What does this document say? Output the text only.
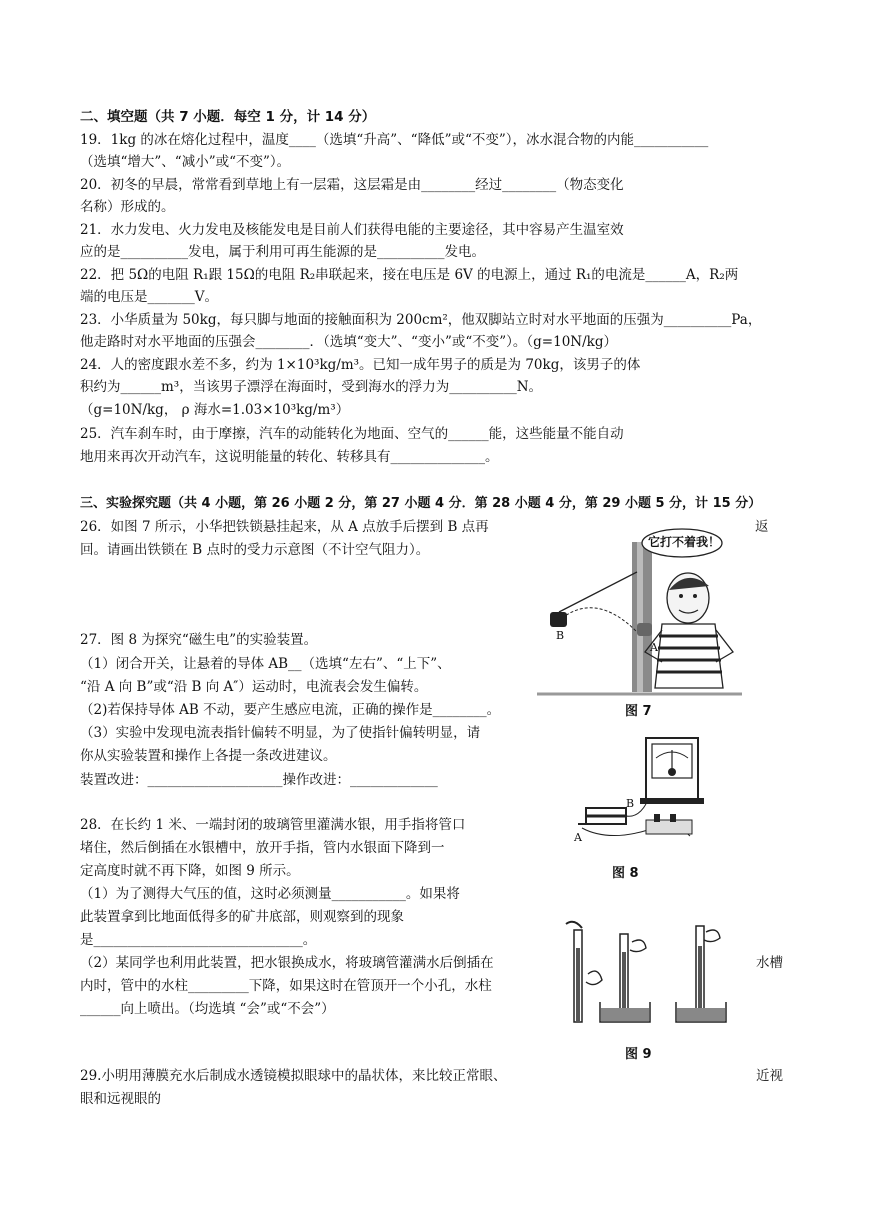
二、填空题（共 7 小题．每空 1 分，计 14 分）
19．1kg 的冰在熔化过程中，温度____（选填“升高”、“降低”或“不变”），冰水混合物的内能___________
（选填“增大”、“减小”或“不变”）。
20．初冬的早晨，常常看到草地上有一层霜，这层霜是由________经过________（物态变化
名称）形成的。
21．水力发电、火力发电及核能发电是目前人们获得电能的主要途径，其中容易产生温室效
应的是__________发电，属于利用可再生能源的是__________发电。
22．把 5Ω的电阻 R₁跟 15Ω的电阻 R₂串联起来，接在电压是 6V 的电源上，通过 R₁的电流是______A，R₂两
端的电压是_______V。
23．小华质量为 50kg，每只脚与地面的接触面积为 200cm²，他双脚站立时对水平地面的压强为__________Pa，
他走路时对水平地面的压强会________．（选填“变大”、“变小”或“不变”）。（g=10N/kg）
24．人的密度跟水差不多，约为 1×10³kg/m³。已知一成年男子的质是为 70kg，该男子的体
积约为______m³，当该男子漂浮在海面时，受到海水的浮力为__________N。
（g=10N/kg， ρ 海水=1.03×10³kg/m³）
25．汽车刹车时，由于摩擦，汽车的动能转化为地面、空气的______能，这些能量不能自动
地用来再次开动汽车，这说明能量的转化、转移具有______________。
三、实验探究题（共 4 小题，第 26 小题 2 分，第 27 小题 4 分．第 28 小题 4 分，第 29 小题 5 分，计 15 分）
26．如图 7 所示，小华把铁锁悬挂起来，从 A 点放手后摆到 B 点再	返
回。请画出铁锁在 B 点时的受力示意图（不计空气阻力）。
27．图 8 为探究“磁生电”的实验装置。
（1）闭合开关，让悬着的导体 AB__（选填“左右”、“上下”、
“沿 A 向 B”或“沿 B 向 A″）运动时，电流表会发生偏转。
（2)若保持导体 AB 不动，要产生感应电流，正确的操作是________。
（3）实验中发现电流表指针偏转不明显，为了使指针偏转明显，请
你从实验装置和操作上各提一条改进建议。
装置改进：____________________操作改进：_____________
28．在长约 1 米、一端封闭的玻璃管里灌满水银，用手指将管口
堵住，然后倒插在水银槽中，放开手指，管内水银面下降到一
定高度时就不再下降，如图 9 所示。
（1）为了测得大气压的值，这时必须测量___________。如果将
此装置拿到比地面低得多的矿井底部，则观察到的现象
是_______________________________。
（2）某同学也利用此装置，把水银换成水，将玻璃管灌满水后倒插在	水槽
内时，管中的水柱_________下降，如果这时在管顶开一个小孔，水柱
______向上喷出。（均选填 “会”或“不会”）
29.小明用薄膜充水后制成水透镜模拟眼球中的晶状体，来比较正常眼、	近视
眼和远视眼的
它打不着我！
B
A
图 7
B
A
图 8
图 9
